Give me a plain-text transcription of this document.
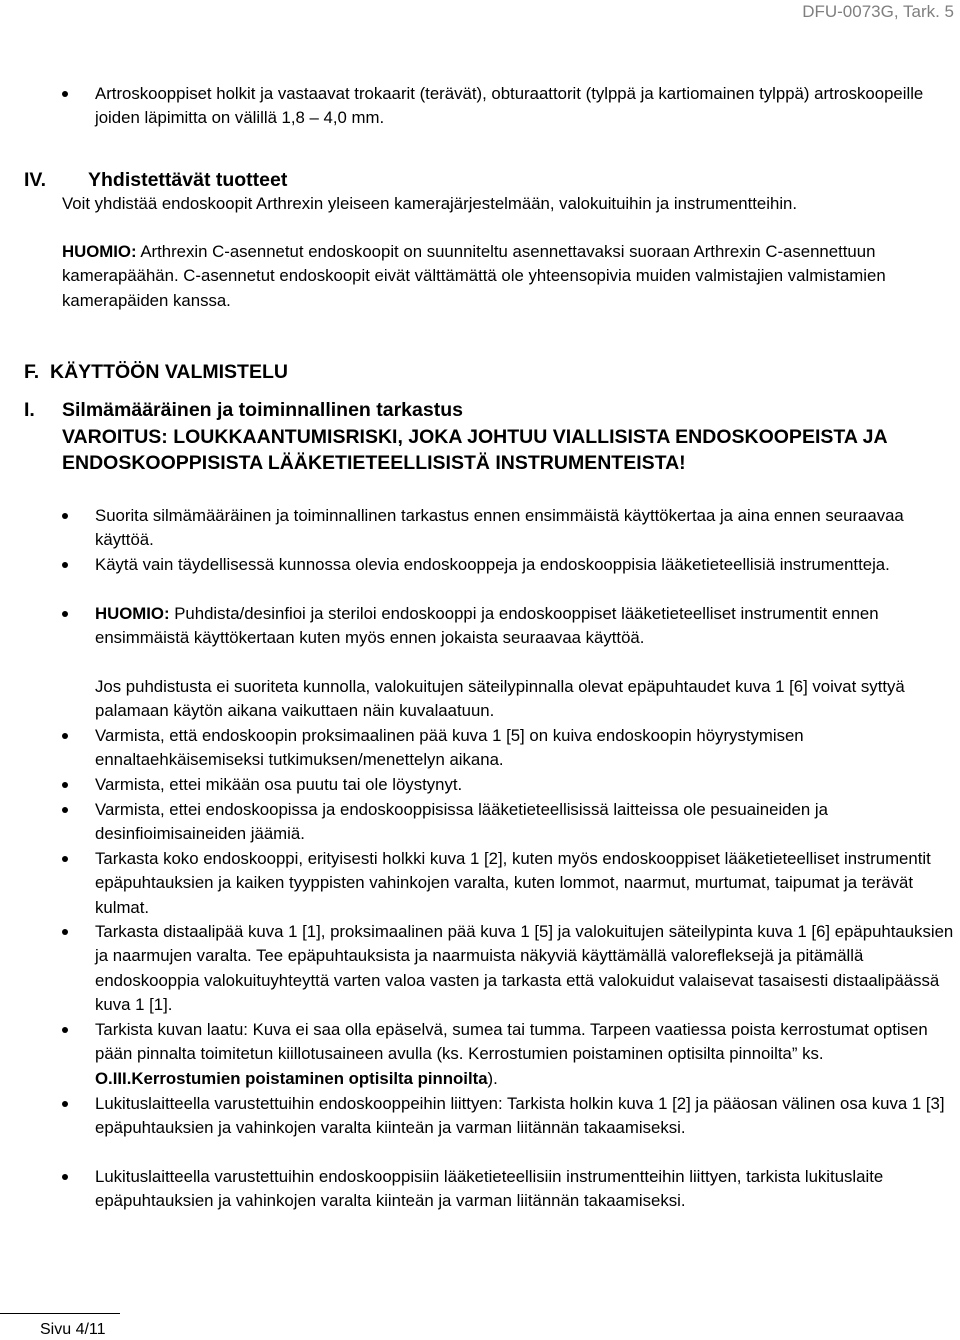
DFU-0073G, Tark. 5
Artroskooppiset holkit ja vastaavat trokaarit (terävät), obturaattorit (tylppä ja kartiomainen tylppä) artroskoopeille joiden läpimitta on välillä 1,8 – 4,0 mm.
IV. Yhdistettävät tuotteet
Voit yhdistää endoskoopit Arthrexin yleiseen kamerajärjestelmään, valokuituihin ja instrumentteihin.
HUOMIO: Arthrexin C-asennetut endoskoopit on suunniteltu asennettavaksi suoraan Arthrexin C-asennettuun kamerapäähän. C-asennetut endoskoopit eivät välttämättä ole yhteensopivia muiden valmistajien valmistamien kamerapäiden kanssa.
F.  KÄYTTÖÖN VALMISTELU
I. Silmämääräinen ja toiminnallinen tarkastus
VAROITUS: LOUKKAANTUMISRISKI, JOKA JOHTUU VIALLISISTA ENDOSKOOPEISTA JA ENDOSKOOPPISISTA LÄÄKETIETEELLISISTÄ INSTRUMENTEISTA!
Suorita silmämääräinen ja toiminnallinen tarkastus ennen ensimmäistä käyttökertaa ja aina ennen seuraavaa käyttöä.
Käytä vain täydellisessä kunnossa olevia endoskooppeja ja endoskooppisia lääketieteellisiä instrumentteja.
HUOMIO: Puhdista/desinfioi ja steriloi endoskooppi ja endoskooppiset lääketieteelliset instrumentit ennen ensimmäistä käyttökertaan kuten myös ennen jokaista seuraavaa käyttöä.
Jos puhdistusta ei suoriteta kunnolla, valokuitujen säteilypinnalla olevat epäpuhtaudet kuva 1 [6] voivat syttyä palamaan käytön aikana vaikuttaen näin kuvalaatuun.
Varmista, että endoskoopin proksimaalinen pää kuva 1 [5] on kuiva endoskoopin höyrystymisen ennaltaehkäisemiseksi tutkimuksen/menettelyn aikana.
Varmista, ettei mikään osa puutu tai ole löystynyt.
Varmista, ettei endoskoopissa ja endoskooppisissa lääketieteellisissä laitteissa ole pesuaineiden ja desinfioimisaineiden jäämiä.
Tarkasta koko endoskooppi, erityisesti holkki kuva 1 [2], kuten myös endoskooppiset lääketieteelliset instrumentit epäpuhtauksien ja kaiken tyyppisten vahinkojen varalta, kuten lommot, naarmut, murtumat, taipumat ja terävät kulmat.
Tarkasta distaalipää kuva 1 [1], proksimaalinen pää kuva 1 [5] ja valokuitujen säteilypinta kuva 1 [6] epäpuhtauksien ja naarmujen varalta. Tee epäpuhtauksista ja naarmuista näkyviä käyttämällä valorefleksejä ja pitämällä endoskooppia valokuituyhteyttä varten valoa vasten ja tarkasta että valokuidut valaisevat tasaisesti distaalipäässä kuva 1 [1].
Tarkista kuvan laatu: Kuva ei saa olla epäselvä, sumea tai tumma. Tarpeen vaatiessa poista kerrostumat optisen pään pinnalta toimitetun kiillotusaineen avulla (ks. Kerrostumien poistaminen optisilta pinnoilta” ks. O.III.Kerrostumien poistaminen optisilta pinnoilta).
Lukituslaitteella varustettuihin endoskooppeihin liittyen: Tarkista holkin kuva 1 [2] ja pääosan välinen osa kuva 1 [3] epäpuhtauksien ja vahinkojen varalta kiinteän ja varman liitännän takaamiseksi.
Lukituslaitteella varustettuihin endoskooppisiin lääketieteellisiin instrumentteihin liittyen, tarkista lukituslaite epäpuhtauksien ja vahinkojen varalta kiinteän ja varman liitännän takaamiseksi.
Sivu 4/11
